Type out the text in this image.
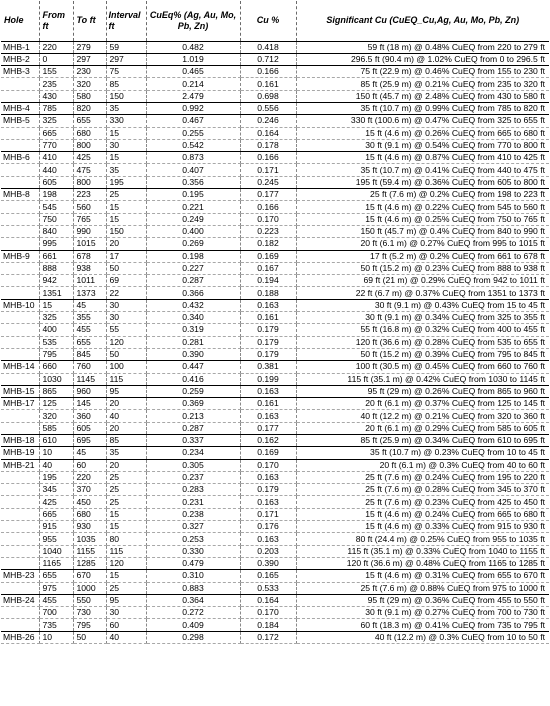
Hole	From ft	To ft	Interval ft	CuEq% (Ag, Au, Mo, Pb, Zn)	Cu %	Significant Cu (CuEQ_Cu,Ag, Au, Mo, Pb, Zn)
MHB-1	220	279	59	0.482	0.418	59 ft (18 m) @ 0.48% CuEQ from 220 to 279 ft
MHB-2	0	297	297	1.019	0.712	296.5 ft (90.4 m) @ 1.02% CuEQ from 0 to 296.5 ft
MHB-3	155	230	75	0.465	0.166	75 ft (22.9 m) @ 0.46% CuEQ from 155 to 230 ft
	235	320	85	0.214	0.161	85 ft (25.9 m) @ 0.21% CuEQ from 235 to 320 ft
	430	580	150	2.479	0.698	150 ft (45.7 m) @ 2.48% CuEQ from 430 to 580 ft
MHB-4	785	820	35	0.992	0.556	35 ft (10.7 m) @ 0.99% CuEQ from 785 to 820 ft
MHB-5	325	655	330	0.467	0.246	330 ft (100.6 m) @ 0.47% CuEQ from 325 to 655 ft
	665	680	15	0.255	0.164	15 ft (4.6 m) @ 0.26% CuEQ from 665 to 680 ft
	770	800	30	0.542	0.178	30 ft (9.1 m) @ 0.54% CuEQ from 770 to 800 ft
MHB-6	410	425	15	0.873	0.166	15 ft (4.6 m) @ 0.87% CuEQ from 410 to 425 ft
	440	475	35	0.407	0.171	35 ft (10.7 m) @ 0.41% CuEQ from 440 to 475 ft
	605	800	195	0.356	0.245	195 ft (59.4 m) @ 0.36% CuEQ from 605 to 800 ft
MHB-8	198	223	25	0.195	0.177	25 ft (7.6 m) @ 0.2% CuEQ from 198 to 223 ft
	545	560	15	0.221	0.166	15 ft (4.6 m) @ 0.22% CuEQ from 545 to 560 ft
	750	765	15	0.249	0.170	15 ft (4.6 m) @ 0.25% CuEQ from 750 to 765 ft
	840	990	150	0.400	0.223	150 ft (45.7 m) @ 0.4% CuEQ from 840 to 990 ft
	995	1015	20	0.269	0.182	20 ft (6.1 m) @ 0.27% CuEQ from 995 to 1015 ft
MHB-9	661	678	17	0.198	0.169	17 ft (5.2 m) @ 0.2% CuEQ from 661 to 678 ft
	888	938	50	0.227	0.167	50 ft (15.2 m) @ 0.23% CuEQ from 888 to 938 ft
	942	1011	69	0.287	0.194	69 ft (21 m) @ 0.29% CuEQ from 942 to 1011 ft
	1351	1373	22	0.366	0.188	22 ft (6.7 m) @ 0.37% CuEQ from 1351 to 1373 ft
MHB-10	15	45	30	0.432	0.163	30 ft (9.1 m) @ 0.43% CuEQ from 15 to 45 ft
	325	355	30	0.340	0.161	30 ft (9.1 m) @ 0.34% CuEQ from 325 to 355 ft
	400	455	55	0.319	0.179	55 ft (16.8 m) @ 0.32% CuEQ from 400 to 455 ft
	535	655	120	0.281	0.179	120 ft (36.6 m) @ 0.28% CuEQ from 535 to 655 ft
	795	845	50	0.390	0.179	50 ft (15.2 m) @ 0.39% CuEQ from 795 to 845 ft
MHB-14	660	760	100	0.447	0.381	100 ft (30.5 m) @ 0.45% CuEQ from 660 to 760 ft
	1030	1145	115	0.416	0.199	115 ft (35.1 m) @ 0.42% CuEQ from 1030 to 1145 ft
MHB-15	865	960	95	0.259	0.163	95 ft (29 m) @ 0.26% CuEQ from 865 to 960 ft
MHB-17	125	145	20	0.369	0.161	20 ft (6.1 m) @ 0.37% CuEQ from 125 to 145 ft
	320	360	40	0.213	0.163	40 ft (12.2 m) @ 0.21% CuEQ from 320 to 360 ft
	585	605	20	0.287	0.177	20 ft (6.1 m) @ 0.29% CuEQ from 585 to 605 ft
MHB-18	610	695	85	0.337	0.162	85 ft (25.9 m) @ 0.34% CuEQ from 610 to 695 ft
MHB-19	10	45	35	0.234	0.169	35 ft (10.7 m) @ 0.23% CuEQ from 10 to 45 ft
MHB-21	40	60	20	0.305	0.170	20 ft (6.1 m) @ 0.3% CuEQ from 40 to 60 ft
	195	220	25	0.237	0.163	25 ft (7.6 m) @ 0.24% CuEQ from 195 to 220 ft
	345	370	25	0.283	0.179	25 ft (7.6 m) @ 0.28% CuEQ from 345 to 370 ft
	425	450	25	0.231	0.163	25 ft (7.6 m) @ 0.23% CuEQ from 425 to 450 ft
	665	680	15	0.238	0.171	15 ft (4.6 m) @ 0.24% CuEQ from 665 to 680 ft
	915	930	15	0.327	0.176	15 ft (4.6 m) @ 0.33% CuEQ from 915 to 930 ft
	955	1035	80	0.253	0.163	80 ft (24.4 m) @ 0.25% CuEQ from 955 to 1035 ft
	1040	1155	115	0.330	0.203	115 ft (35.1 m) @ 0.33% CuEQ from 1040 to 1155 ft
	1165	1285	120	0.479	0.390	120 ft (36.6 m) @ 0.48% CuEQ from 1165 to 1285 ft
MHB-23	655	670	15	0.310	0.165	15 ft (4.6 m) @ 0.31% CuEQ from 655 to 670 ft
	975	1000	25	0.883	0.533	25 ft (7.6 m) @ 0.88% CuEQ from 975 to 1000 ft
MHB-24	455	550	95	0.364	0.164	95 ft (29 m) @ 0.36% CuEQ from 455 to 550 ft
	700	730	30	0.272	0.170	30 ft (9.1 m) @ 0.27% CuEQ from 700 to 730 ft
	735	795	60	0.409	0.184	60 ft (18.3 m) @ 0.41% CuEQ from 735 to 795 ft
MHB-26	10	50	40	0.298	0.172	40 ft (12.2 m) @ 0.3% CuEQ from 10 to 50 ft
